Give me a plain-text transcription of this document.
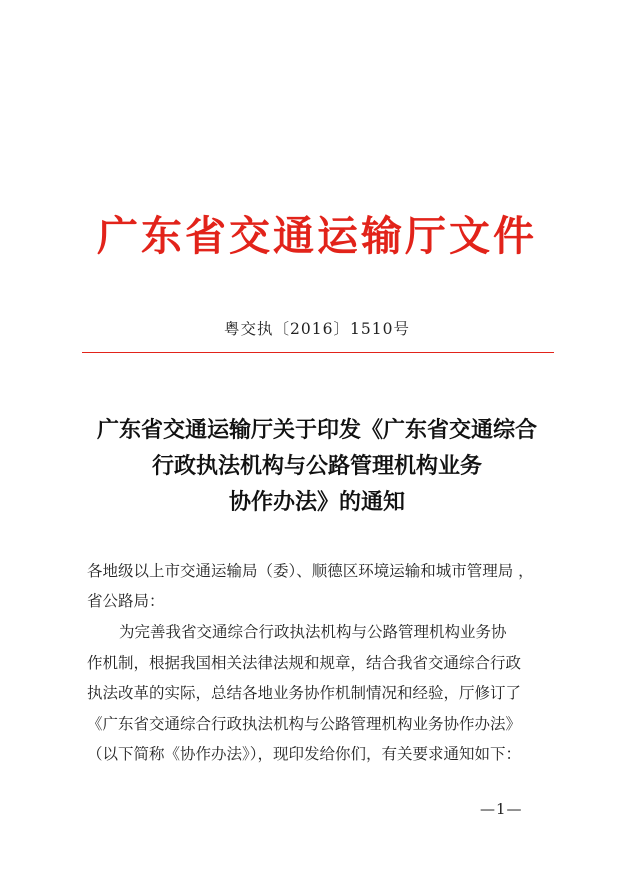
广东省交通运输厅文件
粤交执〔2016〕1510号
广东省交通运输厅关于印发《广东省交通综合
行政执法机构与公路管理机构业务
协作办法》的通知
各地级以上市交通运输局（委）、顺德区环境运输和城市管理局 ，
省公路局：
为完善我省交通综合行政执法机构与公路管理机构业务协
作机制，根据我国相关法律法规和规章，结合我省交通综合行政
执法改革的实际，总结各地业务协作机制情况和经验，厅修订了
《广东省交通综合行政执法机构与公路管理机构业务协作办法》
（以下简称《协作办法》），现印发给你们，有关要求通知如下：
—1—
